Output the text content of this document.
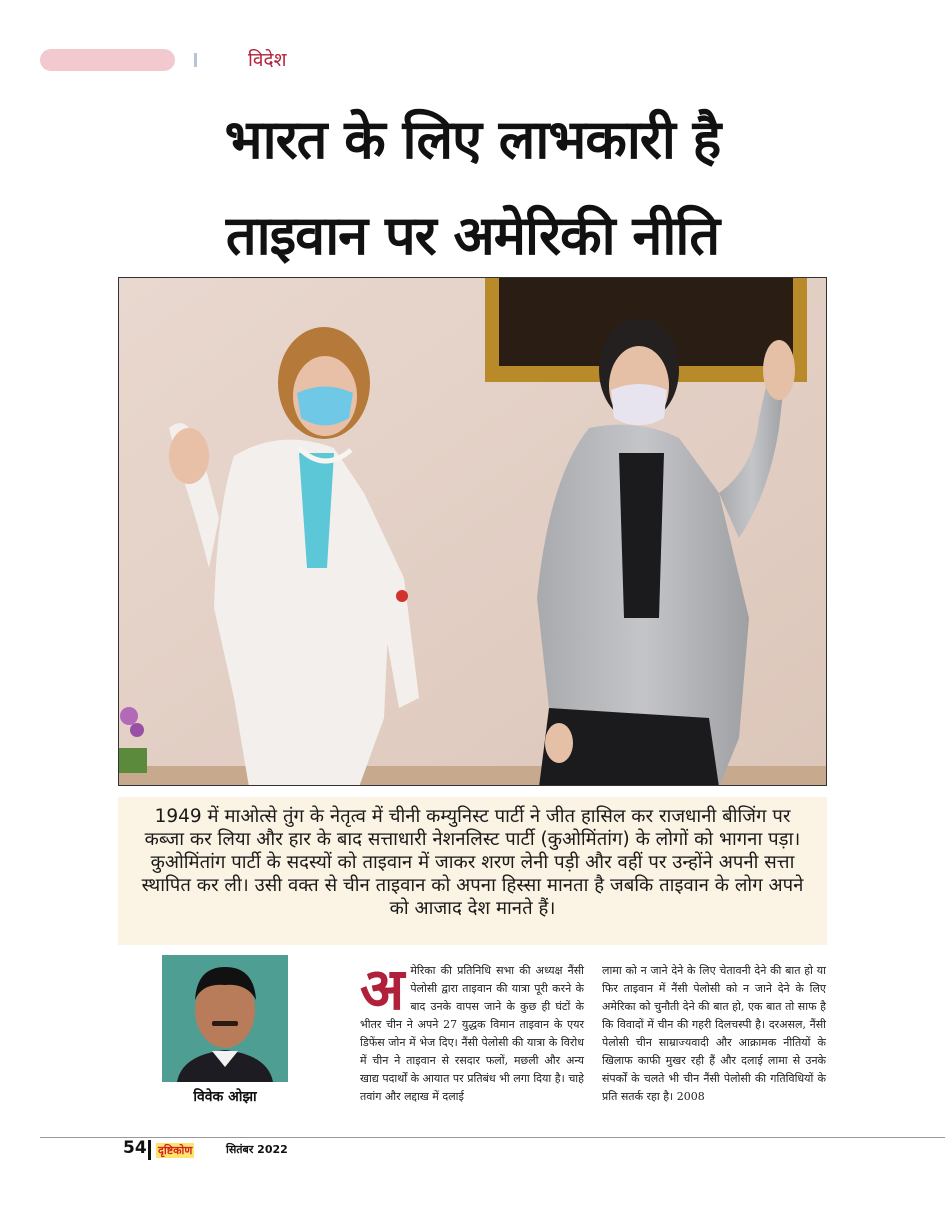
विदेश
भारत के लिए लाभकारी है
ताइवान पर अमेरिकी नीति

1949 में माओत्से तुंग के नेतृत्व में चीनी कम्युनिस्ट पार्टी ने जीत हासिल कर राजधानी बीजिंग पर कब्जा कर लिया और हार के बाद सत्ताधारी नेशनलिस्ट पार्टी (कुओमिंतांग) के लोगों को भागना पड़ा। कुओमिंतांग पार्टी के सदस्यों को ताइवान में जाकर शरण लेनी पड़ी और वहीं पर उन्होंने अपनी सत्ता स्थापित कर ली। उसी वक्त से चीन ताइवान को अपना हिस्सा मानता है जबकि ताइवान के लोग अपने को आजाद देश मानते हैं।

विवेक ओझा
अ मेरिका की प्रतिनिधि सभा की अध्यक्ष नैंसी पेलोसी द्वारा ताइवान की यात्रा पूरी करने के बाद उनके वापस जाने के कुछ ही घंटों के भीतर चीन ने अपने 27 युद्धक विमान ताइवान के एयर डिफेंस जोन में भेज दिए। नैंसी पेलोसी की यात्रा के विरोध में चीन ने ताइवान से रसदार फलों, मछली और अन्य खाद्य पदार्थों के आयात पर प्रतिबंध भी लगा दिया है। चाहे तवांग और लद्दाख में दलाई
लामा को न जाने देने के लिए चेतावनी देने की बात हो या फिर ताइवान में नैंसी पेलोसी को न जाने देने के लिए अमेरिका को चुनौती देने की बात हो, एक बात तो साफ है कि विवादों में चीन की गहरी दिलचस्पी है। दरअसल, नैंसी पेलोसी चीन साम्राज्यवादी और आक्रामक नीतियों के खिलाफ काफी मुखर रही हैं और दलाई लामा से उनके संपर्कों के चलते भी चीन नैंसी पेलोसी की गतिविधियों के प्रति सतर्क रहा है। 2008
54 दृष्टिकोण	सितंबर 2022
